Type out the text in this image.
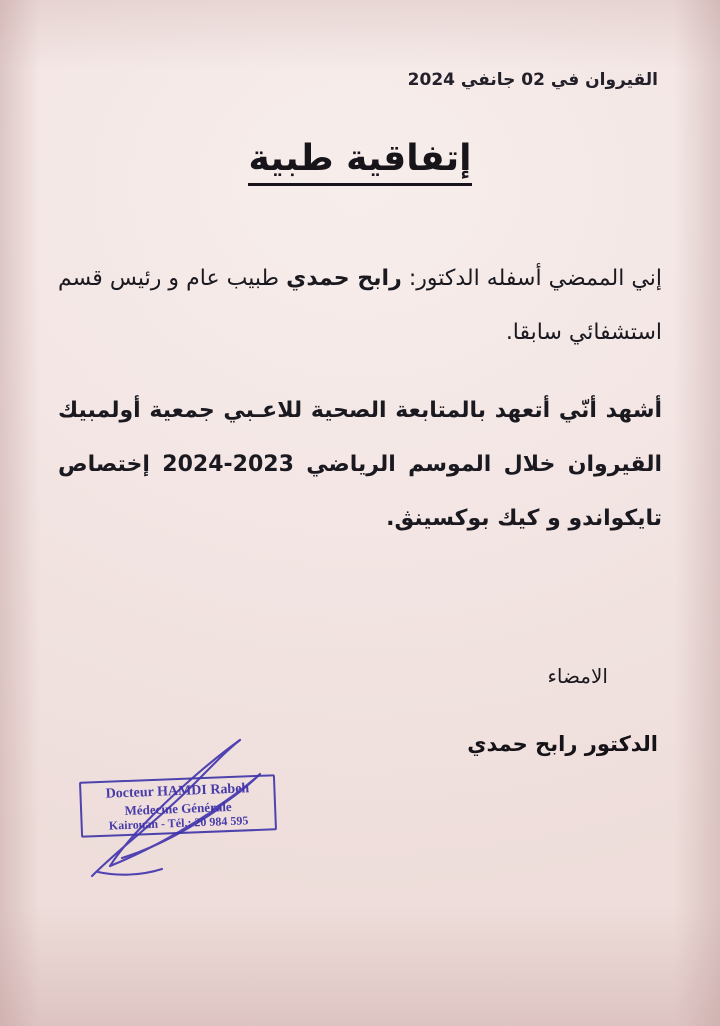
القيروان في 02 جانفي 2024
إتفاقية طبية
إني الممضي أسفله الدكتور: رابح حمدي طبيب عام و رئيس قسم استشفائي سابقا.
أشهد أنّي أتعهد بالمتابعة الصحية للاعـبي جمعية أولمبيك القيروان خلال الموسم الرياضي 2023-2024 إختصاص تايكواندو و كيك بوكسينڨ.
الامضاء
الدكتور رابح حمدي
Docteur HAMDI Rabeh
Médecine Générale
Kairouan - Tél.: 20 984 595
